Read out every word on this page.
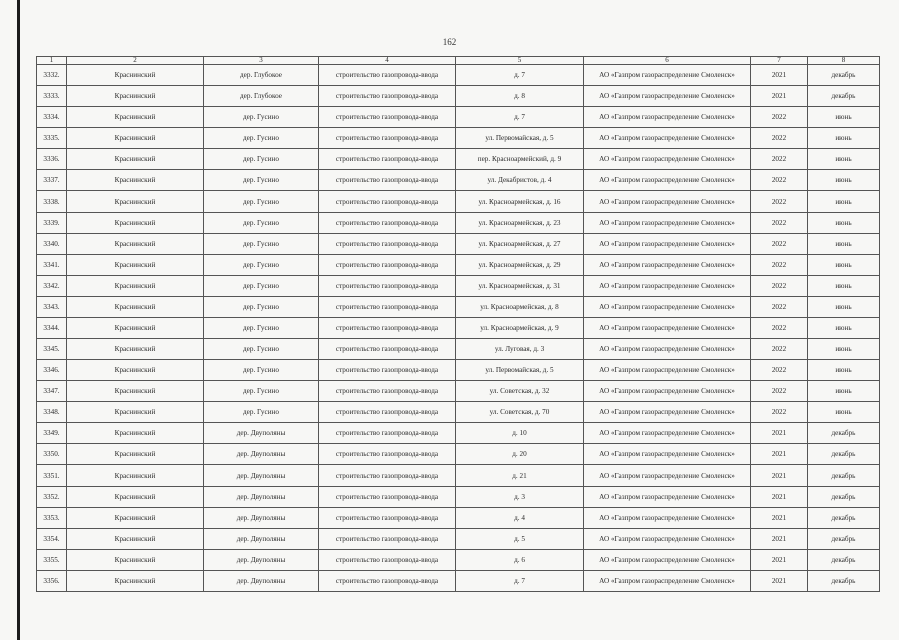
162
1	2	3	4	5	6	7	8
3332.	Краснинский	дер. Глубокое	строительство газопровода-ввода	д. 7	АО «Газпром газораспределение Смоленск»	2021	декабрь
3333.	Краснинский	дер. Глубокое	строительство газопровода-ввода	д. 8	АО «Газпром газораспределение Смоленск»	2021	декабрь
3334.	Краснинский	дер. Гусино	строительство газопровода-ввода	д. 7	АО «Газпром газораспределение Смоленск»	2022	июнь
3335.	Краснинский	дер. Гусино	строительство газопровода-ввода	ул. Первомайская, д. 5	АО «Газпром газораспределение Смоленск»	2022	июнь
3336.	Краснинский	дер. Гусино	строительство газопровода-ввода	пер. Красноармейский, д. 9	АО «Газпром газораспределение Смоленск»	2022	июнь
3337.	Краснинский	дер. Гусино	строительство газопровода-ввода	ул. Декабристов, д. 4	АО «Газпром газораспределение Смоленск»	2022	июнь
3338.	Краснинский	дер. Гусино	строительство газопровода-ввода	ул. Красноармейская, д. 16	АО «Газпром газораспределение Смоленск»	2022	июнь
3339.	Краснинский	дер. Гусино	строительство газопровода-ввода	ул. Красноармейская, д. 23	АО «Газпром газораспределение Смоленск»	2022	июнь
3340.	Краснинский	дер. Гусино	строительство газопровода-ввода	ул. Красноармейская, д. 27	АО «Газпром газораспределение Смоленск»	2022	июнь
3341.	Краснинский	дер. Гусино	строительство газопровода-ввода	ул. Красноармейская, д. 29	АО «Газпром газораспределение Смоленск»	2022	июнь
3342.	Краснинский	дер. Гусино	строительство газопровода-ввода	ул. Красноармейская, д. 31	АО «Газпром газораспределение Смоленск»	2022	июнь
3343.	Краснинский	дер. Гусино	строительство газопровода-ввода	ул. Красноармейская, д. 8	АО «Газпром газораспределение Смоленск»	2022	июнь
3344.	Краснинский	дер. Гусино	строительство газопровода-ввода	ул. Красноармейская, д. 9	АО «Газпром газораспределение Смоленск»	2022	июнь
3345.	Краснинский	дер. Гусино	строительство газопровода-ввода	ул. Луговая, д. 3	АО «Газпром газораспределение Смоленск»	2022	июнь
3346.	Краснинский	дер. Гусино	строительство газопровода-ввода	ул. Первомайская, д. 5	АО «Газпром газораспределение Смоленск»	2022	июнь
3347.	Краснинский	дер. Гусино	строительство газопровода-ввода	ул. Советская, д. 32	АО «Газпром газораспределение Смоленск»	2022	июнь
3348.	Краснинский	дер. Гусино	строительство газопровода-ввода	ул. Советская, д. 70	АО «Газпром газораспределение Смоленск»	2022	июнь
3349.	Краснинский	дер. Двуполяны	строительство газопровода-ввода	д. 10	АО «Газпром газораспределение Смоленск»	2021	декабрь
3350.	Краснинский	дер. Двуполяны	строительство газопровода-ввода	д. 20	АО «Газпром газораспределение Смоленск»	2021	декабрь
3351.	Краснинский	дер. Двуполяны	строительство газопровода-ввода	д. 21	АО «Газпром газораспределение Смоленск»	2021	декабрь
3352.	Краснинский	дер. Двуполяны	строительство газопровода-ввода	д. 3	АО «Газпром газораспределение Смоленск»	2021	декабрь
3353.	Краснинский	дер. Двуполяны	строительство газопровода-ввода	д. 4	АО «Газпром газораспределение Смоленск»	2021	декабрь
3354.	Краснинский	дер. Двуполяны	строительство газопровода-ввода	д. 5	АО «Газпром газораспределение Смоленск»	2021	декабрь
3355.	Краснинский	дер. Двуполяны	строительство газопровода-ввода	д. 6	АО «Газпром газораспределение Смоленск»	2021	декабрь
3356.	Краснинский	дер. Двуполяны	строительство газопровода-ввода	д. 7	АО «Газпром газораспределение Смоленск»	2021	декабрь
